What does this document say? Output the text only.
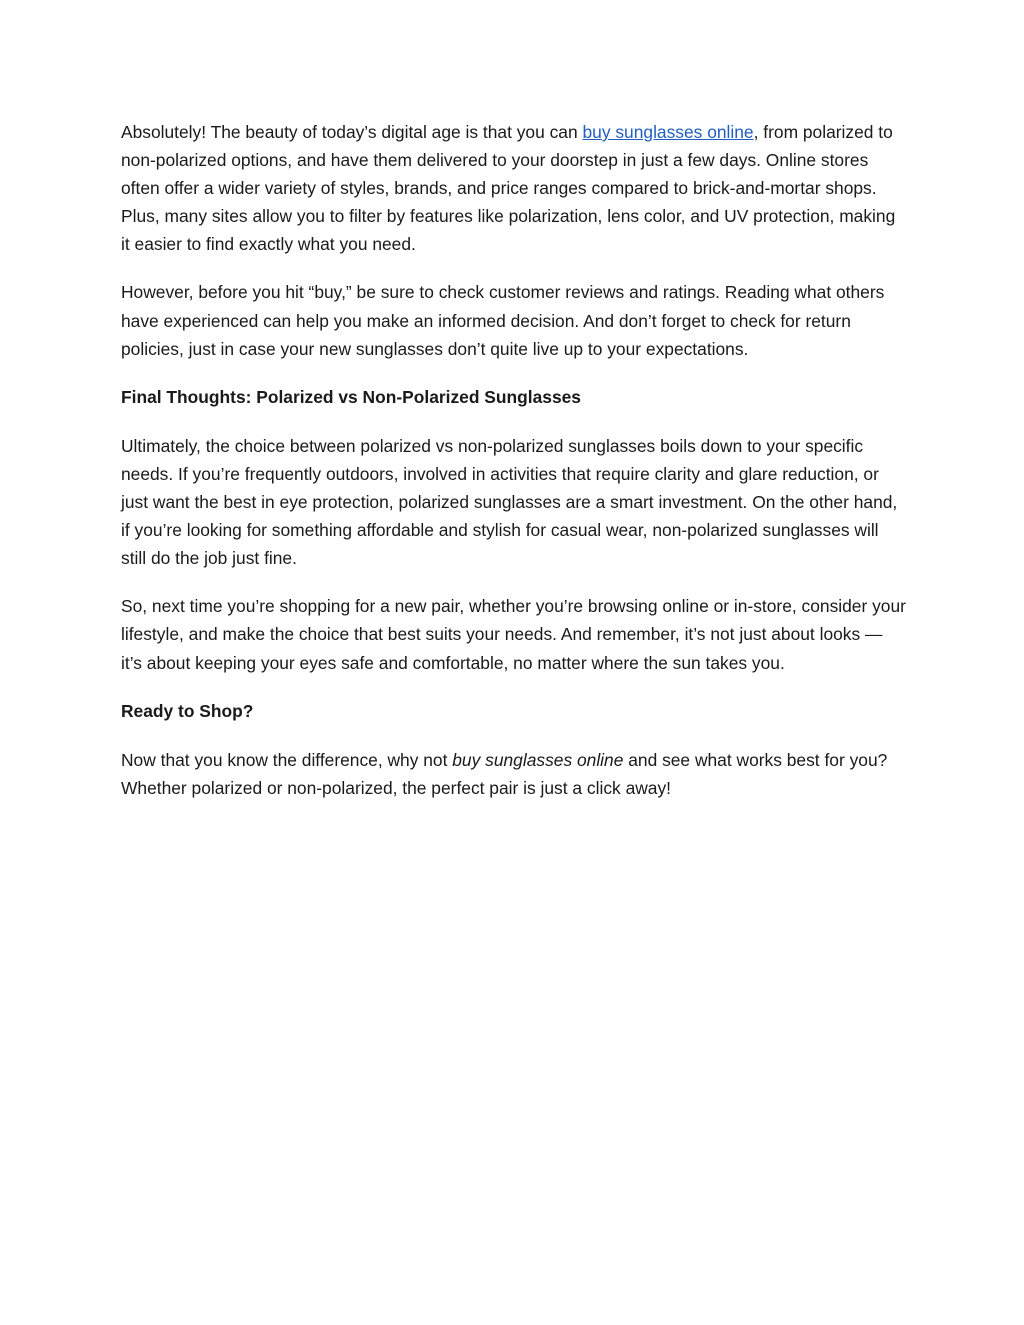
Absolutely! The beauty of today’s digital age is that you can buy sunglasses online, from polarized to non-polarized options, and have them delivered to your doorstep in just a few days. Online stores often offer a wider variety of styles, brands, and price ranges compared to brick-and-mortar shops. Plus, many sites allow you to filter by features like polarization, lens color, and UV protection, making it easier to find exactly what you need.

However, before you hit “buy,” be sure to check customer reviews and ratings. Reading what others have experienced can help you make an informed decision. And don’t forget to check for return policies, just in case your new sunglasses don’t quite live up to your expectations.

Final Thoughts: Polarized vs Non-Polarized Sunglasses

Ultimately, the choice between polarized vs non-polarized sunglasses boils down to your specific needs. If you’re frequently outdoors, involved in activities that require clarity and glare reduction, or just want the best in eye protection, polarized sunglasses are a smart investment. On the other hand, if you’re looking for something affordable and stylish for casual wear, non-polarized sunglasses will still do the job just fine.

So, next time you’re shopping for a new pair, whether you’re browsing online or in-store, consider your lifestyle, and make the choice that best suits your needs. And remember, it’s not just about looks — it’s about keeping your eyes safe and comfortable, no matter where the sun takes you.

Ready to Shop?

Now that you know the difference, why not buy sunglasses online and see what works best for you? Whether polarized or non-polarized, the perfect pair is just a click away!
